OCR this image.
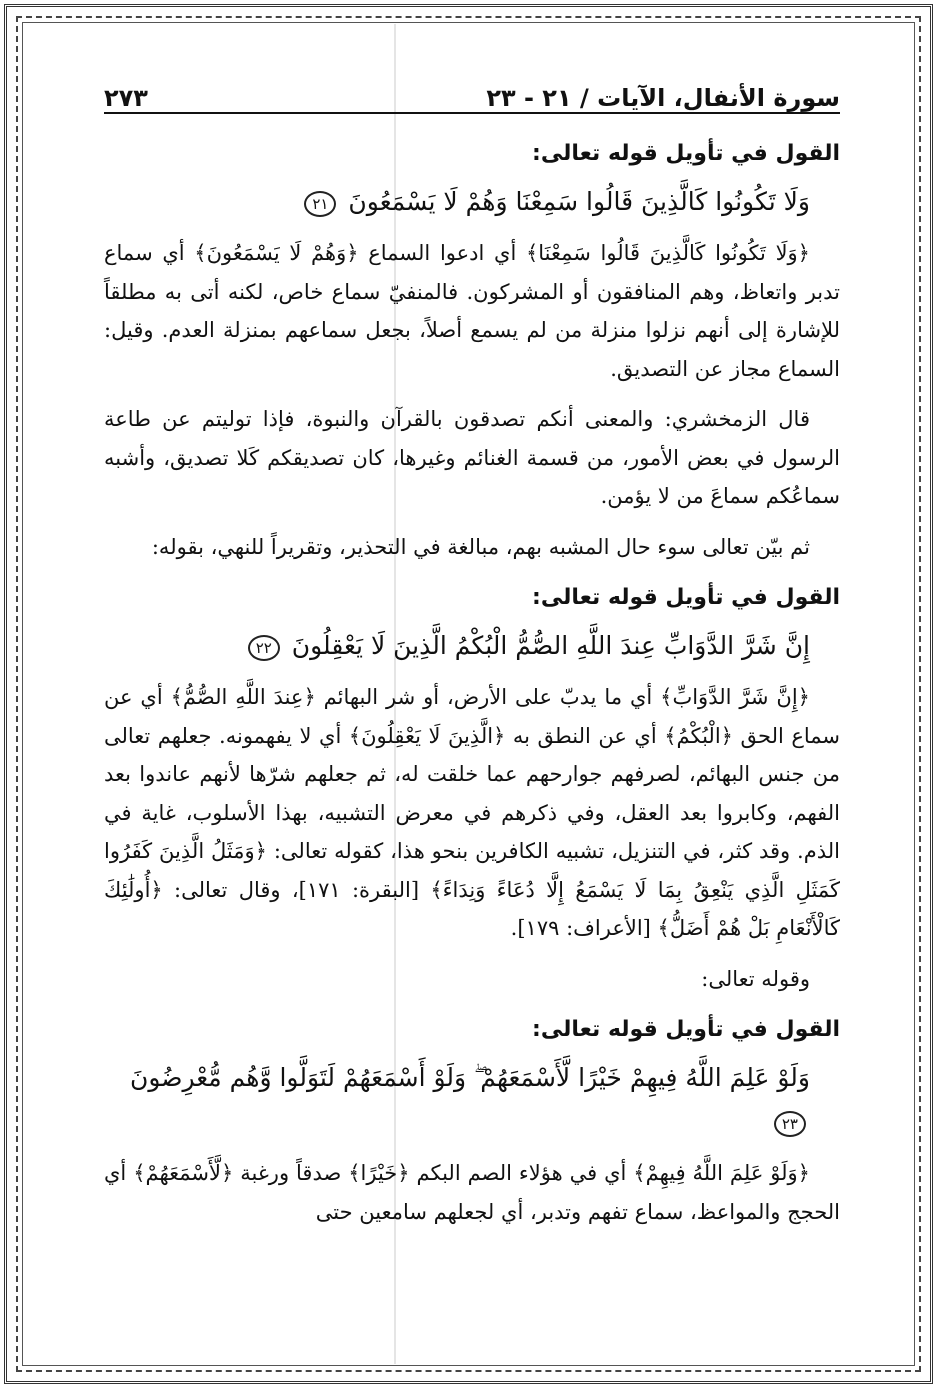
سورة الأنفال، الآيات / ٢١ - ٢٣
٢٧٣
القول في تأويل قوله تعالى:
وَلَا تَكُونُوا كَالَّذِينَ قَالُوا سَمِعْنَا وَهُمْ لَا يَسْمَعُونَ ٢١

﴿وَلَا تَكُونُوا كَالَّذِينَ قَالُوا سَمِعْنَا﴾ أي ادعوا السماع ﴿وَهُمْ لَا يَسْمَعُونَ﴾ أي سماع تدبر واتعاظ، وهم المنافقون أو المشركون. فالمنفيّ سماع خاص، لكنه أتى به مطلقاً للإشارة إلى أنهم نزلوا منزلة من لم يسمع أصلاً، بجعل سماعهم بمنزلة العدم. وقيل: السماع مجاز عن التصديق.

قال الزمخشري: والمعنى أنكم تصدقون بالقرآن والنبوة، فإذا توليتم عن طاعة الرسول في بعض الأمور، من قسمة الغنائم وغيرها، كان تصديقكم كَلا تصديق، وأشبه سماعُكم سماعَ من لا يؤمن.

ثم بيّن تعالى سوء حال المشبه بهم، مبالغة في التحذير، وتقريراً للنهي، بقوله:

القول في تأويل قوله تعالى:
إِنَّ شَرَّ الدَّوَابِّ عِندَ اللَّهِ الصُّمُّ الْبُكْمُ الَّذِينَ لَا يَعْقِلُونَ ٢٢

﴿إِنَّ شَرَّ الدَّوَابِّ﴾ أي ما يدبّ على الأرض، أو شر البهائم ﴿عِندَ اللَّهِ الصُّمُّ﴾ أي عن سماع الحق ﴿الْبُكْمُ﴾ أي عن النطق به ﴿الَّذِينَ لَا يَعْقِلُونَ﴾ أي لا يفهمونه. جعلهم تعالى من جنس البهائم، لصرفهم جوارحهم عما خلقت له، ثم جعلهم شرّها لأنهم عاندوا بعد الفهم، وكابروا بعد العقل، وفي ذكرهم في معرض التشبيه، بهذا الأسلوب، غاية في الذم. وقد كثر، في التنزيل، تشبيه الكافرين بنحو هذا، كقوله تعالى: ﴿وَمَثَلُ الَّذِينَ كَفَرُوا كَمَثَلِ الَّذِي يَنْعِقُ بِمَا لَا يَسْمَعُ إِلَّا دُعَاءً وَنِدَاءً﴾ [البقرة: ١٧١]، وقال تعالى: ﴿أُولَٰئِكَ كَالْأَنْعَامِ بَلْ هُمْ أَضَلُّ﴾ [الأعراف: ١٧٩].

وقوله تعالى:

القول في تأويل قوله تعالى:
وَلَوْ عَلِمَ اللَّهُ فِيهِمْ خَيْرًا لَّأَسْمَعَهُمْ ۖ وَلَوْ أَسْمَعَهُمْ لَتَوَلَّوا وَّهُم مُّعْرِضُونَ ٢٣

﴿وَلَوْ عَلِمَ اللَّهُ فِيهِمْ﴾ أي في هؤلاء الصم البكم ﴿خَيْرًا﴾ صدقاً ورغبة ﴿لَّأَسْمَعَهُمْ﴾ أي الحجج والمواعظ، سماع تفهم وتدبر، أي لجعلهم سامعين حتى
